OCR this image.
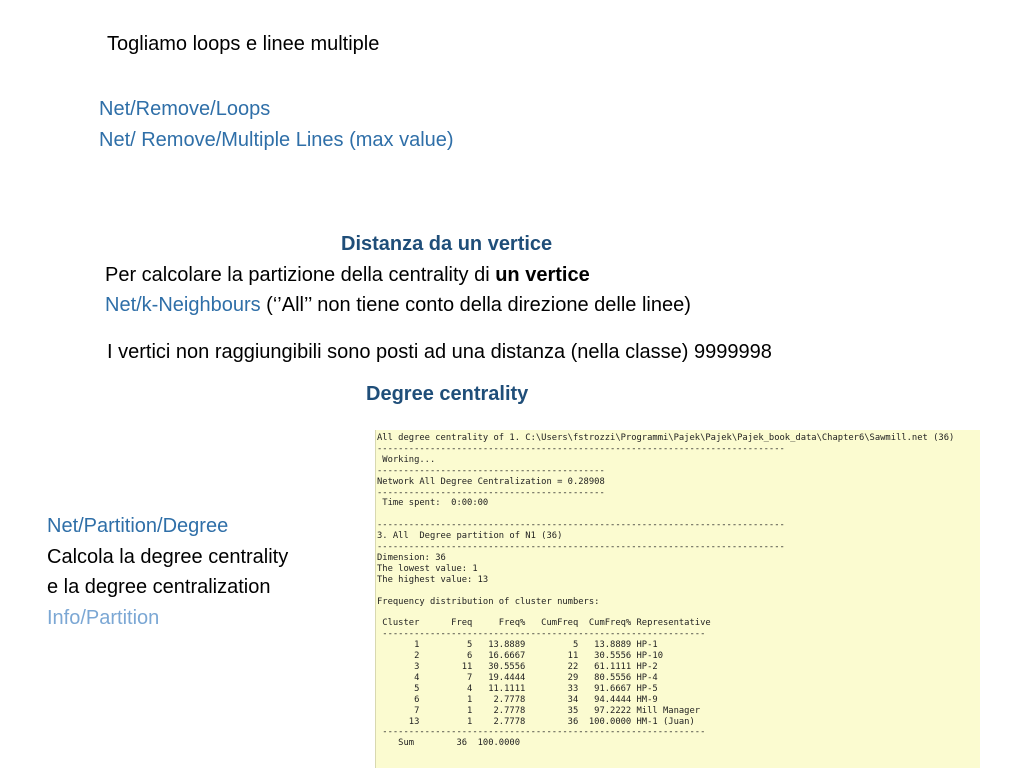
Togliamo loops e linee multiple
Net/Remove/Loops
Net/ Remove/Multiple Lines (max value)
Distanza da un vertice
Per calcolare la partizione della centrality di un vertice
Net/k-Neighbours (‘’All’’ non tiene conto della direzione delle linee)
I vertici non raggiungibili sono posti ad una distanza (nella classe) 9999998
Degree centrality
Net/Partition/Degree
Calcola la degree centrality
e la degree centralization
Info/Partition
All degree centrality of 1. C:\Users\fstrozzi\Programmi\Pajek\Pajek\Pajek_book_data\Chapter6\Sawmill.net (36)
-----------------------------------------------------------------------------
Working...
-------------------------------------------
Network All Degree Centralization = 0.28908
-------------------------------------------
Time spent:  0:00:00

-----------------------------------------------------------------------------
3. All  Degree partition of N1 (36)
-----------------------------------------------------------------------------
Dimension: 36
The lowest value: 1
The highest value: 13

Frequency distribution of cluster numbers:

Cluster      Freq     Freq%   CumFreq  CumFreq% Representative
-------------------------------------------------------------
1         5   13.8889         5   13.8889 HP-1
2         6   16.6667        11   30.5556 HP-10
3        11   30.5556        22   61.1111 HP-2
4         7   19.4444        29   80.5556 HP-4
5         4   11.1111        33   91.6667 HP-5
6         1    2.7778        34   94.4444 HM-9
7         1    2.7778        35   97.2222 Mill Manager
13         1    2.7778        36  100.0000 HM-1 (Juan)
-------------------------------------------------------------
Sum        36  100.0000
